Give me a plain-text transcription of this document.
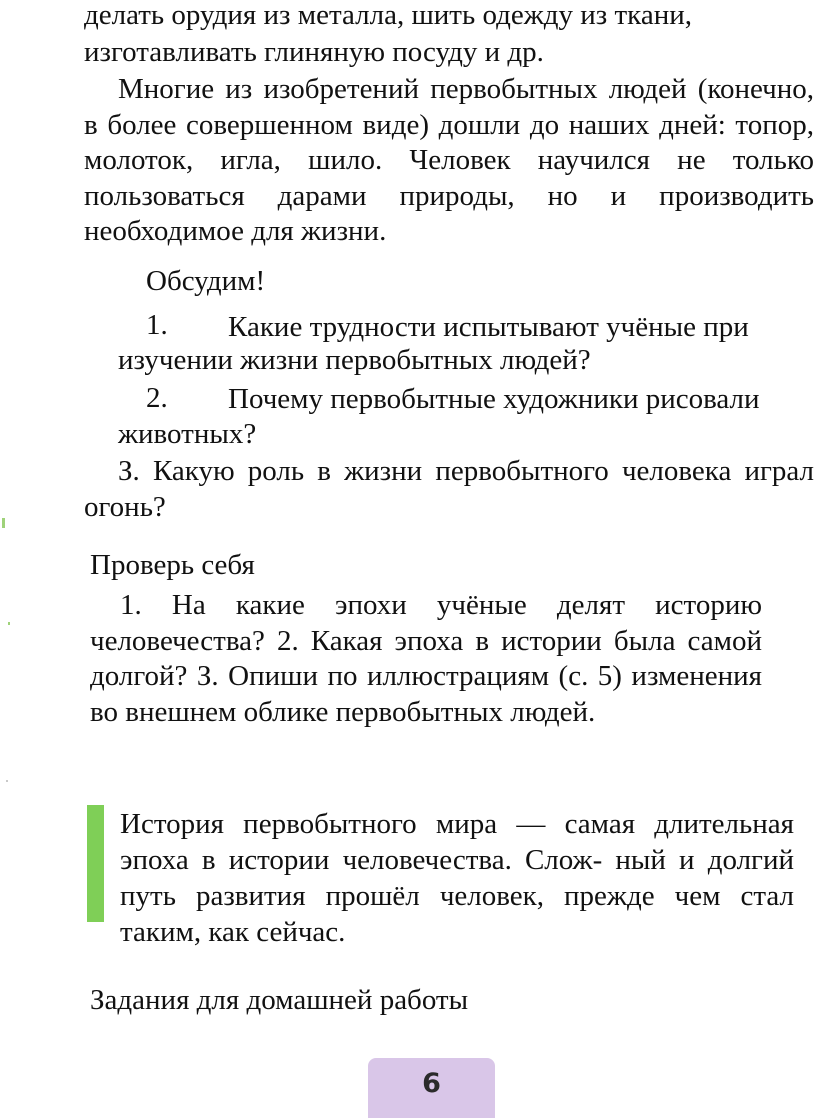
делать орудия из металла, шить одежду из ткани,

изготавливать глиняную посуду и др.

Многие из изобретений первобытных людей (конечно, в более совершенном виде) дошли до наших дней: топор, молоток, игла, шило. Человек научился не только пользоваться дарами природы, но и производить необходимое для жизни.

Обсудим!
1. Какие трудности испытывают учёные при
изучении жизни первобытных людей?
2. Почему первобытные художники рисовали
животных?

З. Какую роль в жизни первобытного человека играл огонь?

Проверь себя

1. На какие эпохи учёные делят историю человечества? 2. Какая эпоха в истории была самой долгой? З. Опиши по иллюстрациям (с. 5) изменения во внешнем облике первобытных людей.

История первобытного мира — самая длительная эпоха в истории человечества. Слож- ный и долгий путь развития прошёл человек, прежде чем стал таким, как сейчас.

Задания для домашней работы
6
